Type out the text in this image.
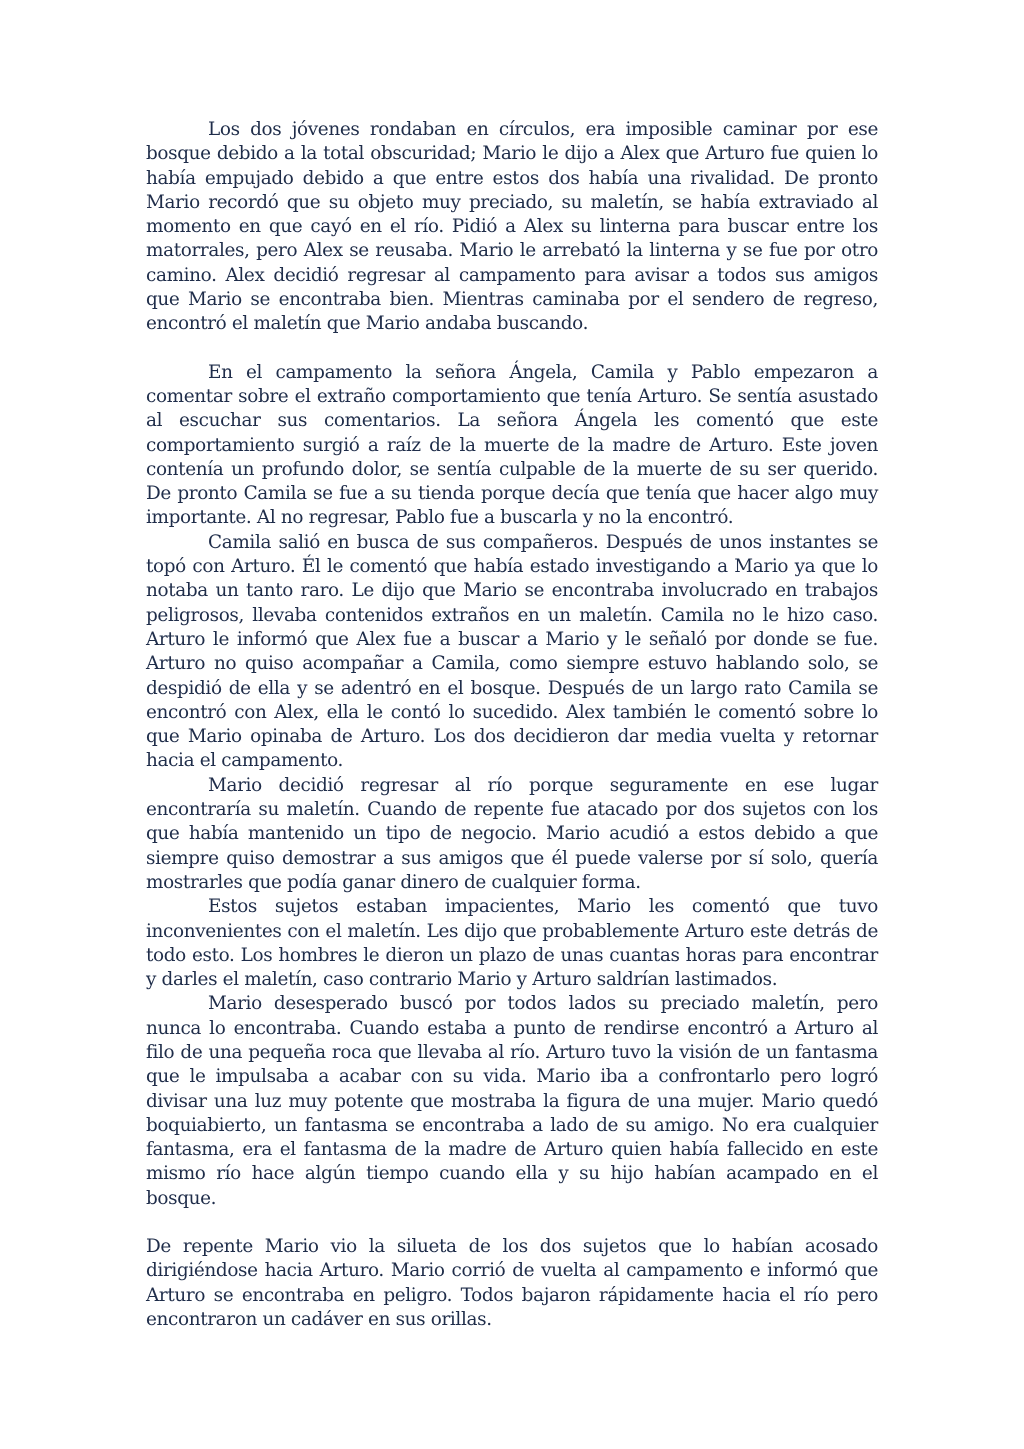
Los dos jóvenes rondaban en círculos, era imposible caminar por ese bosque debido a la total obscuridad; Mario le dijo a Alex que Arturo fue quien lo había empujado debido a que entre estos dos había una rivalidad. De pronto Mario recordó que su objeto muy preciado, su maletín, se había extraviado al momento en que cayó en el río. Pidió a Alex su linterna para buscar entre los matorrales, pero Alex se reusaba. Mario le arrebató la linterna y se fue por otro camino. Alex decidió regresar al campamento para avisar a todos sus amigos que Mario se encontraba bien. Mientras caminaba por el sendero de regreso, encontró el maletín que Mario andaba buscando.

En el campamento la señora Ángela, Camila y Pablo empezaron a comentar sobre el extraño comportamiento que tenía Arturo. Se sentía asustado al escuchar sus comentarios. La señora Ángela les comentó que este comportamiento surgió a raíz de la muerte de la madre de Arturo. Este joven contenía un profundo dolor, se sentía culpable de la muerte de su ser querido. De pronto Camila se fue a su tienda porque decía que tenía que hacer algo muy importante. Al no regresar, Pablo fue a buscarla y no la encontró.

Camila salió en busca de sus compañeros. Después de unos instantes se topó con Arturo. Él le comentó que había estado investigando a Mario ya que lo notaba un tanto raro. Le dijo que Mario se encontraba involucrado en trabajos peligrosos, llevaba contenidos extraños en un maletín. Camila no le hizo caso. Arturo le informó que Alex fue a buscar a Mario y le señaló por donde se fue. Arturo no quiso acompañar a Camila, como siempre estuvo hablando solo, se despidió de ella y se adentró en el bosque. Después de un largo rato Camila se encontró con Alex, ella le contó lo sucedido. Alex también le comentó sobre lo que Mario opinaba de Arturo. Los dos decidieron dar media vuelta y retornar hacia el campamento.

Mario decidió regresar al río porque seguramente en ese lugar encontraría su maletín. Cuando de repente fue atacado por dos sujetos con los que había mantenido un tipo de negocio. Mario acudió a estos debido a que siempre quiso demostrar a sus amigos que él puede valerse por sí solo, quería mostrarles que podía ganar dinero de cualquier forma.

Estos sujetos estaban impacientes, Mario les comentó que tuvo inconvenientes con el maletín. Les dijo que probablemente Arturo este detrás de todo esto. Los hombres le dieron un plazo de unas cuantas horas para encontrar y darles el maletín, caso contrario Mario y Arturo saldrían lastimados.

Mario desesperado buscó por todos lados su preciado maletín, pero nunca lo encontraba. Cuando estaba a punto de rendirse encontró a Arturo al filo de una pequeña roca que llevaba al río. Arturo tuvo la visión de un fantasma que le impulsaba a acabar con su vida. Mario iba a confrontarlo pero logró divisar una luz muy potente que mostraba la figura de una mujer. Mario quedó boquiabierto, un fantasma se encontraba a lado de su amigo. No era cualquier fantasma, era el fantasma de la madre de Arturo quien había fallecido en este mismo río hace algún tiempo cuando ella y su hijo habían acampado en el bosque.

De repente Mario vio la silueta de los dos sujetos que lo habían acosado dirigiéndose hacia Arturo. Mario corrió de vuelta al campamento e informó que Arturo se encontraba en peligro. Todos bajaron rápidamente hacia el río pero encontraron un cadáver en sus orillas.
